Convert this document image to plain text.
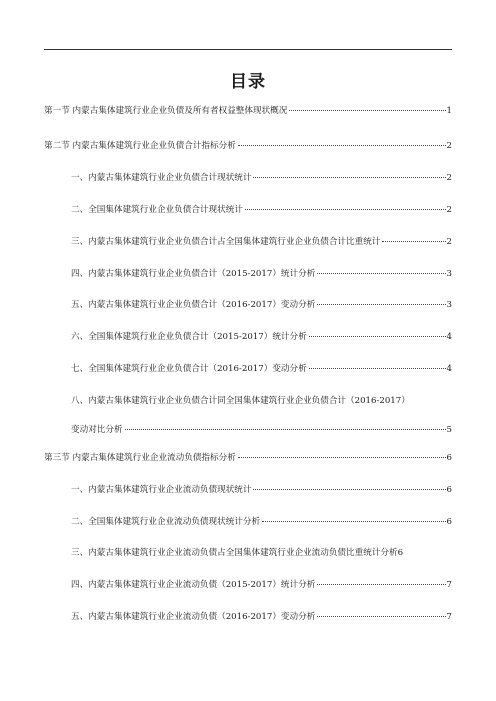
目录
第一节 内蒙古集体建筑行业企业负债及所有者权益整体现状概况	1
第二节 内蒙古集体建筑行业企业负债合计指标分析	2
一、内蒙古集体建筑行业企业负债合计现状统计	2
二、全国集体建筑行业企业负债合计现状统计	2
三、内蒙古集体建筑行业企业负债合计占全国集体建筑行业企业负债合计比重统计	2
四、内蒙古集体建筑行业企业负债合计（2015-2017）统计分析	3
五、内蒙古集体建筑行业企业负债合计（2016-2017）变动分析	3
六、全国集体建筑行业企业负债合计（2015-2017）统计分析	4
七、全国集体建筑行业企业负债合计（2016-2017）变动分析	4
八、内蒙古集体建筑行业企业负债合计同全国集体建筑行业企业负债合计（2016-2017）
变动对比分析	5
第三节 内蒙古集体建筑行业企业流动负债指标分析	6
一、内蒙古集体建筑行业企业流动负债现状统计	6
二、全国集体建筑行业企业流动负债现状统计分析	6
三、内蒙古集体建筑行业企业流动负债占全国集体建筑行业企业流动负债比重统计分析 6
四、内蒙古集体建筑行业企业流动负债（2015-2017）统计分析	7
五、内蒙古集体建筑行业企业流动负债（2016-2017）变动分析	7
